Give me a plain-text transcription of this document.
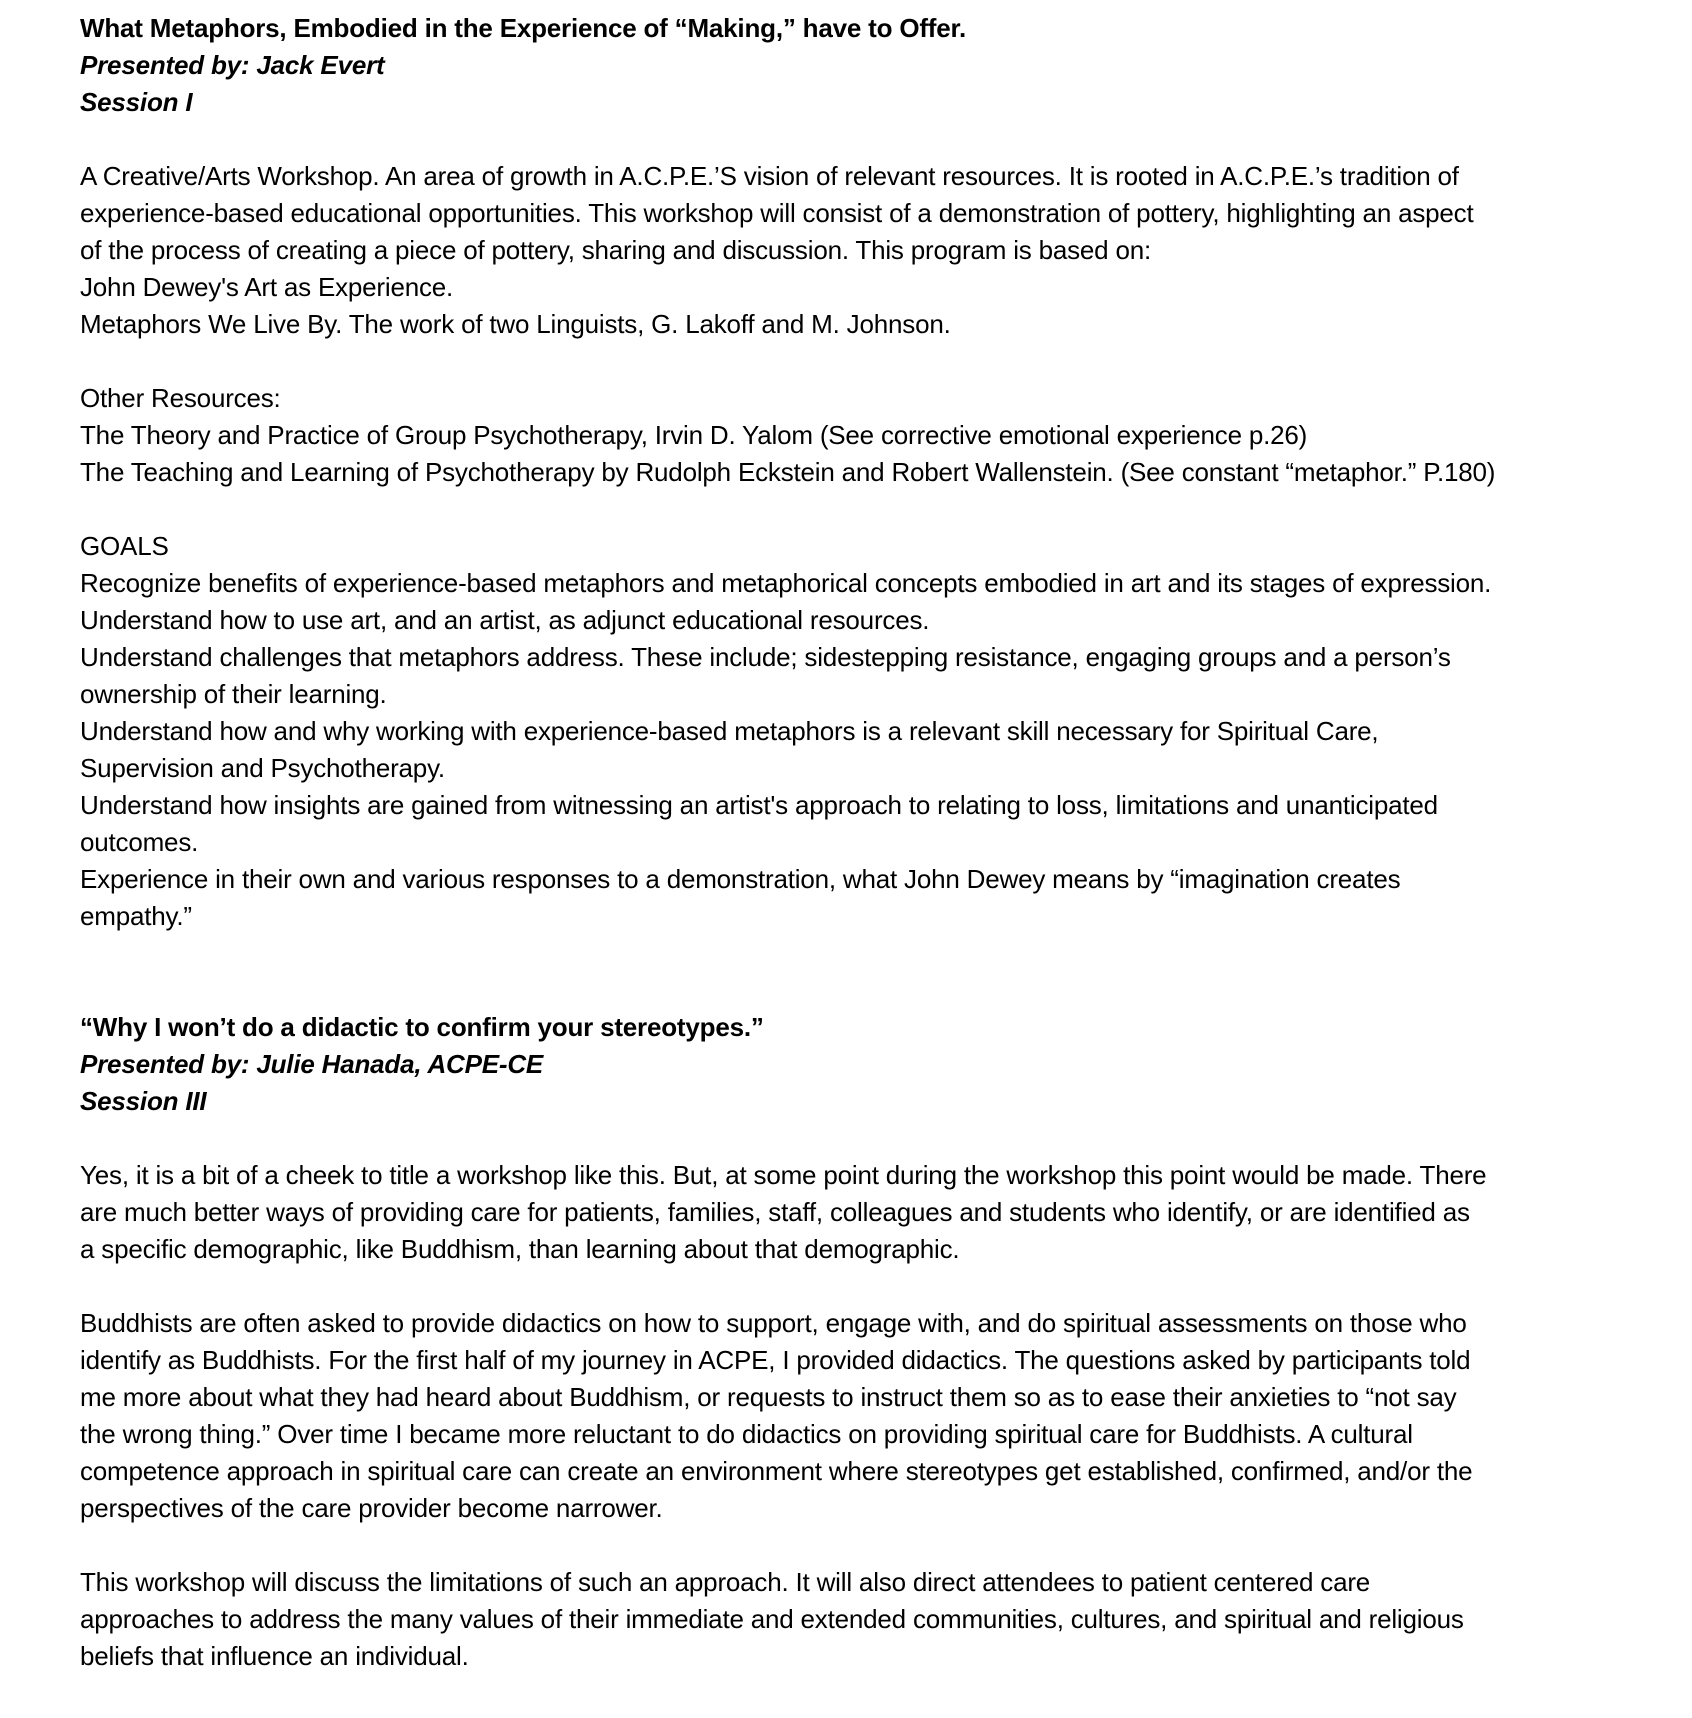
What Metaphors, Embodied in the Experience of “Making,” have to Offer.
Presented by: Jack Evert
Session I
A Creative/Arts Workshop. An area of growth in A.C.P.E.’S vision of relevant resources. It is rooted in A.C.P.E.’s tradition of
experience-based educational opportunities. This workshop will consist of a demonstration of pottery, highlighting an aspect
of the process of creating a piece of pottery, sharing and discussion. This program is based on:
John Dewey's Art as Experience.
Metaphors We Live By. The work of two Linguists, G. Lakoff and M. Johnson.
Other Resources:
The Theory and Practice of Group Psychotherapy, Irvin D. Yalom (See corrective emotional experience p.26)
The Teaching and Learning of Psychotherapy by Rudolph Eckstein and Robert Wallenstein. (See constant “metaphor.” P.180)
GOALS
Recognize benefits of experience-based metaphors and metaphorical concepts embodied in art and its stages of expression.
Understand how to use art, and an artist, as adjunct educational resources.
Understand challenges that metaphors address. These include; sidestepping resistance, engaging groups and a person’s
ownership of their learning.
Understand how and why working with experience-based metaphors is a relevant skill necessary for Spiritual Care,
Supervision and Psychotherapy.
Understand how insights are gained from witnessing an artist's approach to relating to loss, limitations and unanticipated
outcomes.
Experience in their own and various responses to a demonstration, what John Dewey means by “imagination creates
empathy.”
“Why I won’t do a didactic to confirm your stereotypes.”
Presented by: Julie Hanada, ACPE-CE
Session III
Yes, it is a bit of a cheek to title a workshop like this. But, at some point during the workshop this point would be made. There
are much better ways of providing care for patients, families, staff, colleagues and students who identify, or are identified as
a specific demographic, like Buddhism, than learning about that demographic.
Buddhists are often asked to provide didactics on how to support, engage with, and do spiritual assessments on those who
identify as Buddhists. For the first half of my journey in ACPE, I provided didactics. The questions asked by participants told
me more about what they had heard about Buddhism, or requests to instruct them so as to ease their anxieties to “not say
the wrong thing.” Over time I became more reluctant to do didactics on providing spiritual care for Buddhists. A cultural
competence approach in spiritual care can create an environment where stereotypes get established, confirmed, and/or the
perspectives of the care provider become narrower.
This workshop will discuss the limitations of such an approach. It will also direct attendees to patient centered care
approaches to address the many values of their immediate and extended communities, cultures, and spiritual and religious
beliefs that influence an individual.
